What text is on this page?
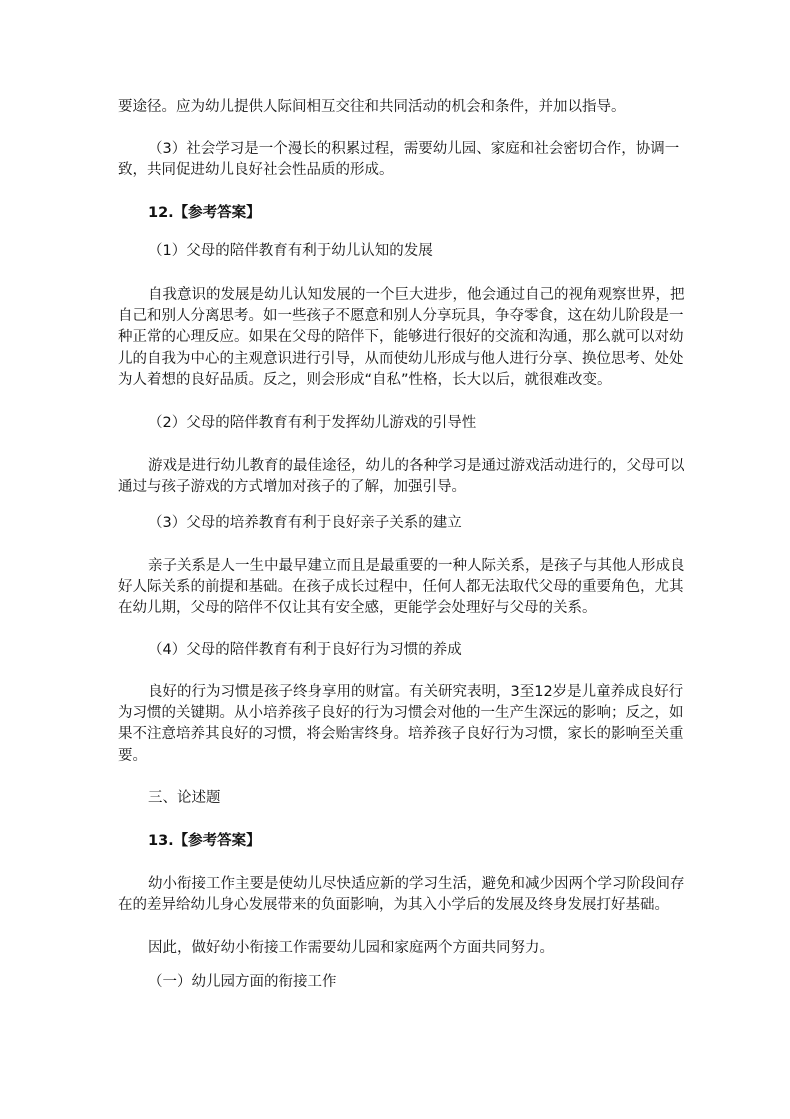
要途径。应为幼儿提供人际间相互交往和共同活动的机会和条件，并加以指导。
（3）社会学习是一个漫长的积累过程，需要幼儿园、家庭和社会密切合作，协调一
致，共同促进幼儿良好社会性品质的形成。
12.【参考答案】
（1）父母的陪伴教育有利于幼儿认知的发展
自我意识的发展是幼儿认知发展的一个巨大进步，他会通过自己的视角观察世界，把
自己和别人分离思考。如一些孩子不愿意和别人分享玩具，争夺零食，这在幼儿阶段是一
种正常的心理反应。如果在父母的陪伴下，能够进行很好的交流和沟通，那么就可以对幼
儿的自我为中心的主观意识进行引导，从而使幼儿形成与他人进行分享、换位思考、处处
为人着想的良好品质。反之，则会形成“自私”性格，长大以后，就很难改变。
（2）父母的陪伴教育有利于发挥幼儿游戏的引导性
游戏是进行幼儿教育的最佳途径，幼儿的各种学习是通过游戏活动进行的，父母可以
通过与孩子游戏的方式增加对孩子的了解，加强引导。
（3）父母的培养教育有利于良好亲子关系的建立
亲子关系是人一生中最早建立而且是最重要的一种人际关系，是孩子与其他人形成良
好人际关系的前提和基础。在孩子成长过程中，任何人都无法取代父母的重要角色，尤其
在幼儿期，父母的陪伴不仅让其有安全感，更能学会处理好与父母的关系。
（4）父母的陪伴教育有利于良好行为习惯的养成
良好的行为习惯是孩子终身享用的财富。有关研究表明，3至12岁是儿童养成良好行
为习惯的关键期。从小培养孩子良好的行为习惯会对他的一生产生深远的影响；反之，如
果不注意培养其良好的习惯，将会贻害终身。培养孩子良好行为习惯，家长的影响至关重
要。
三、论述题
13.【参考答案】
幼小衔接工作主要是使幼儿尽快适应新的学习生活，避免和减少因两个学习阶段间存
在的差异给幼儿身心发展带来的负面影响，为其入小学后的发展及终身发展打好基础。
因此，做好幼小衔接工作需要幼儿园和家庭两个方面共同努力。
（一）幼儿园方面的衔接工作
